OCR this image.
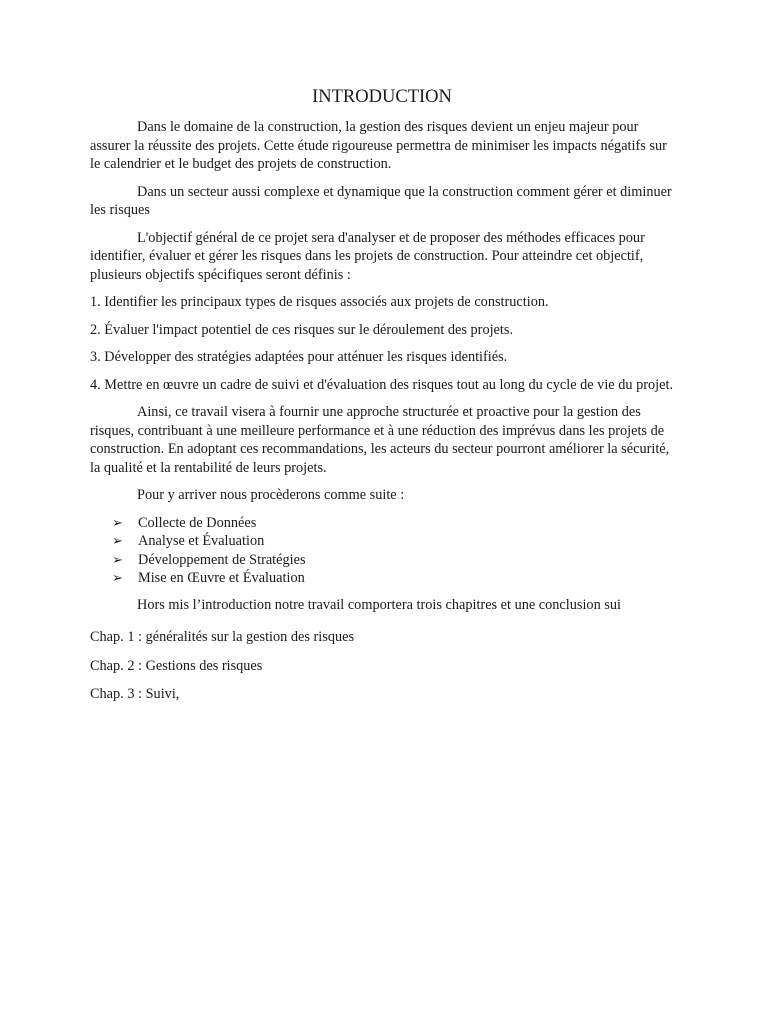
INTRODUCTION

Dans le domaine de la construction, la gestion des risques devient un enjeu majeur pour assurer la réussite des projets. Cette étude rigoureuse permettra de minimiser les impacts négatifs sur le calendrier et le budget des projets de construction.

Dans un secteur aussi complexe et dynamique que la construction comment gérer et diminuer les risques

L'objectif général de ce projet sera d'analyser et de proposer des méthodes efficaces pour identifier, évaluer et gérer les risques dans les projets de construction. Pour atteindre cet objectif, plusieurs objectifs spécifiques seront définis :

1. Identifier les principaux types de risques associés aux projets de construction.

2. Évaluer l'impact potentiel de ces risques sur le déroulement des projets.

3. Développer des stratégies adaptées pour atténuer les risques identifiés.

4. Mettre en œuvre un cadre de suivi et d'évaluation des risques tout au long du cycle de vie du projet.

Ainsi, ce travail visera à fournir une approche structurée et proactive pour la gestion des risques, contribuant à une meilleure performance et à une réduction des imprévus dans les projets de construction. En adoptant ces recommandations, les acteurs du secteur pourront améliorer la sécurité, la qualité et la rentabilité de leurs projets.

Pour y arriver nous procèderons comme suite :

➢ Collecte de Données
➢ Analyse et Évaluation
➢ Développement de Stratégies
➢ Mise en Œuvre et Évaluation

Hors mis l’introduction notre travail comportera trois chapitres et une conclusion sui

Chap. 1 : généralités sur la gestion des risques

Chap. 2 : Gestions des risques

Chap. 3 : Suivi,
